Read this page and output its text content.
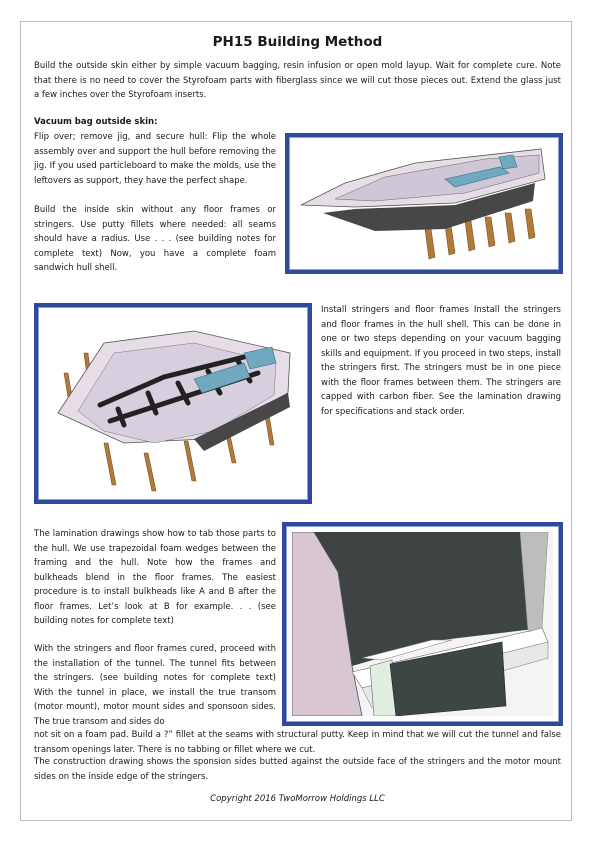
PH15 Building Method

Build the outside skin either by simple vacuum bagging, resin infusion or open mold layup. Wait for complete cure. Note that there is no need to cover the Styrofoam parts with fiberglass since we will cut those pieces out. Extend the glass just a few inches over the Styrofoam inserts.

Vacuum bag outside skin:

Flip over; remove jig, and secure hull: Flip the whole assembly over and support the hull before removing the jig. If you used particleboard to make the molds, use the leftovers as support, they have the perfect shape.

Build the inside skin without any floor frames or stringers. Use putty fillets where needed: all seams should have a radius. Use . . . (see building notes for complete text) Now, you have a complete foam sandwich hull shell.

Install stringers and floor frames Install the stringers and floor frames in the hull shell. This can be done in one or two steps depending on your vacuum bagging skills and equipment. If you proceed in two steps, install the stringers first. The stringers must be in one piece with the floor frames between them. The stringers are capped with carbon fiber. See the lamination drawing for specifications and stack order.

The lamination drawings show how to tab those parts to the hull. We use trapezoidal foam wedges between the framing and the hull. Note how the frames and bulkheads blend in the floor frames. The easiest procedure is to install bulkheads like A and B after the floor frames. Let’s look at B for example. . . (see building notes for complete text)

With the stringers and floor frames cured, proceed with the installation of the tunnel. The tunnel fits between the stringers. (see building notes for complete text) With the tunnel in place, we install the true transom (motor mount), motor mount sides and sponsoon sides. The true transom and sides do

not sit on a foam pad. Build a ?” fillet at the seams with structural putty. Keep in mind that we will cut the tunnel and false transom openings later. There is no tabbing or fillet where we cut.

The construction drawing shows the sponsion sides butted against the outside face of the stringers and the motor mount sides on the inside edge of the stringers.

Copyright 2016 TwoMorrow Holdings LLC
